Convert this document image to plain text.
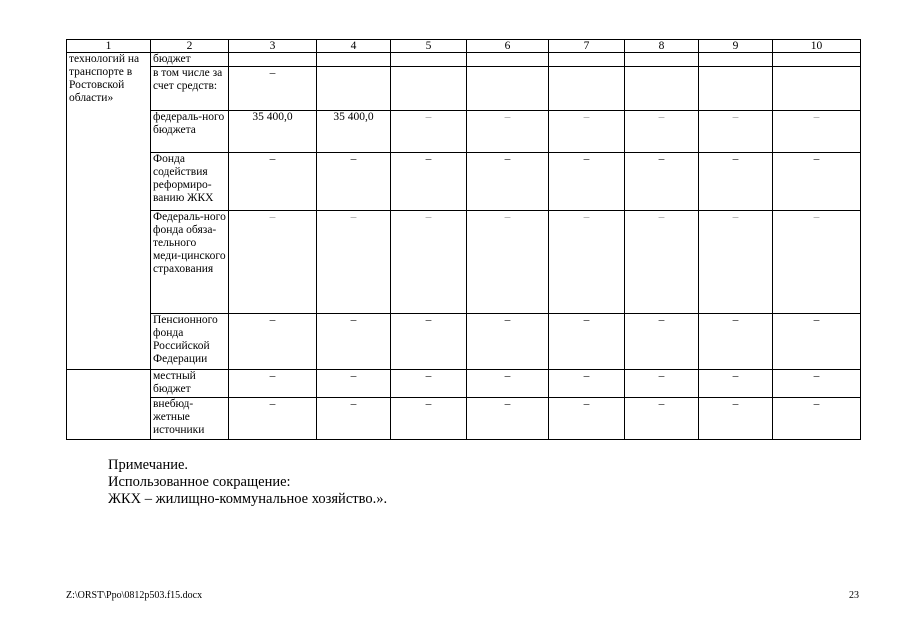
1	2	3	4	5	6	7	8	9	10
технологий на транспорте в Ростовской области»	бюджет								
	в том числе за счет средств:	–							
	федераль-ного бюджета	35 400,0	35 400,0	–	–	–	–	–	–
	Фонда содействия реформиро-ванию ЖКХ	–	–	–	–	–	–	–	–
	Федераль-ного фонда обяза-тельного меди-цинского страхования	–	–	–	–	–	–	–	–
	Пенсионного фонда Российской Федерации	–	–	–	–	–	–	–	–
	местный бюджет	–	–	–	–	–	–	–	–
	внебюд-жетные источники	–	–	–	–	–	–	–	–
Примечание.
Использованное сокращение:
ЖКХ – жилищно-коммунальное хозяйство.».
Z:\ORST\Ppo\0812p503.f15.docx	23
